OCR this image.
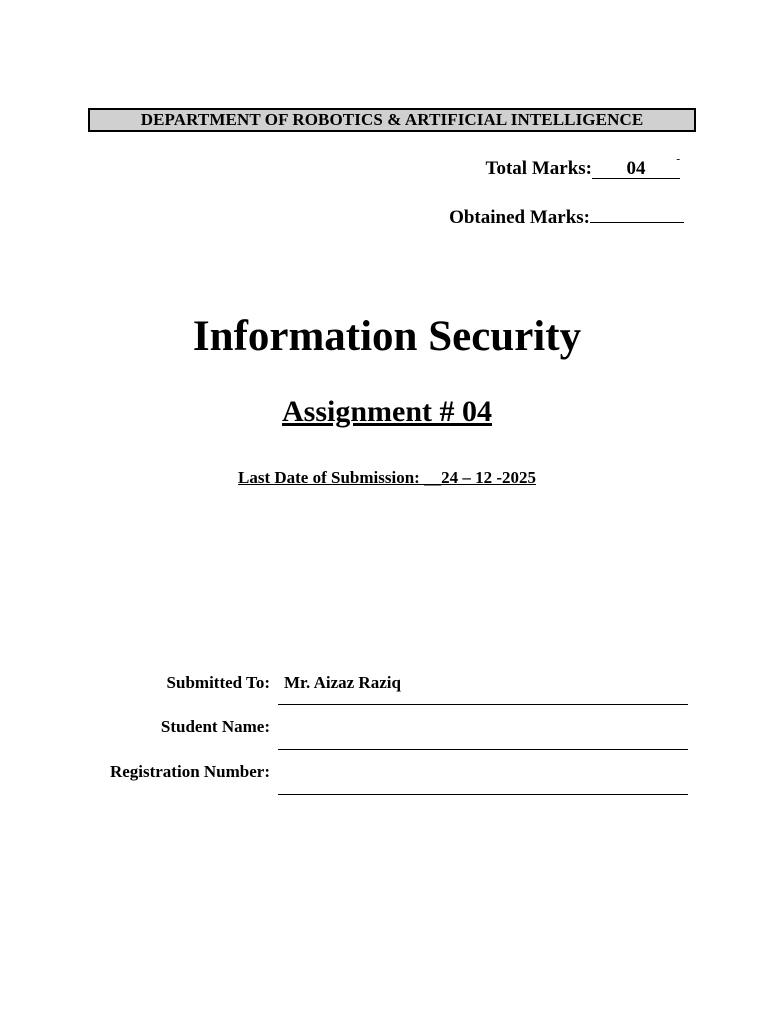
DEPARTMENT OF ROBOTICS & ARTIFICIAL INTELLIGENCE
-
Total Marks:	04
Obtained Marks:
Information Security
Assignment # 04
Last Date of Submission: __24 – 12 -2025
Submitted To: Mr. Aizaz Raziq
Student Name:
Registration Number:
